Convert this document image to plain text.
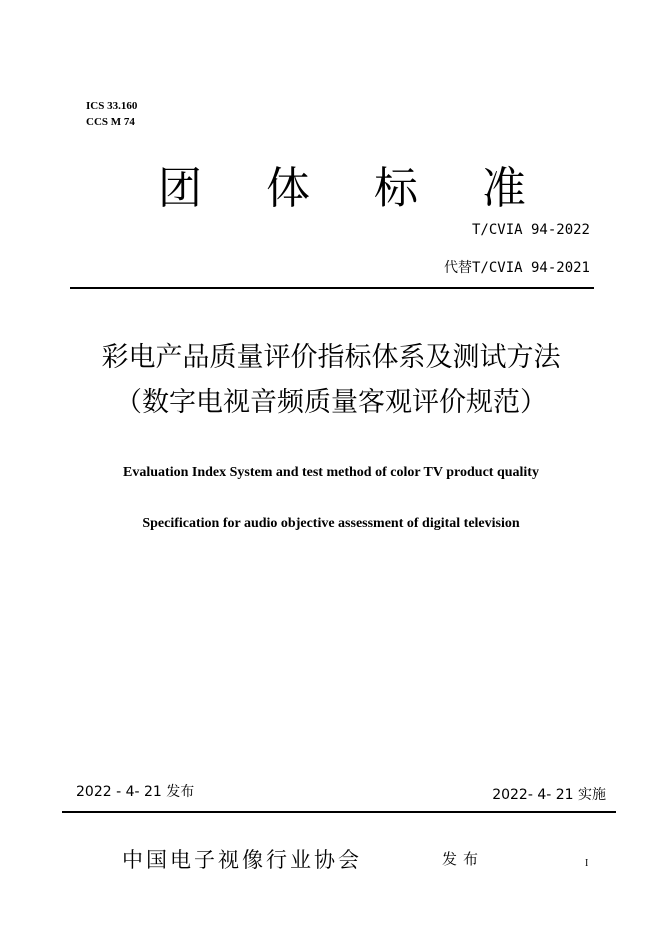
ICS 33.160
CCS M 74
团 体 标 准
T/CVIA 94-2022
代替T/CVIA 94-2021
彩电产品质量评价指标体系及测试方法
（数字电视音频质量客观评价规范）
Evaluation Index System and test method of color TV product quality
Specification for audio objective assessment of digital television
2022 - 4- 21 发布	2022- 4- 21 实施
中国电子视像行业协会	发布	I
